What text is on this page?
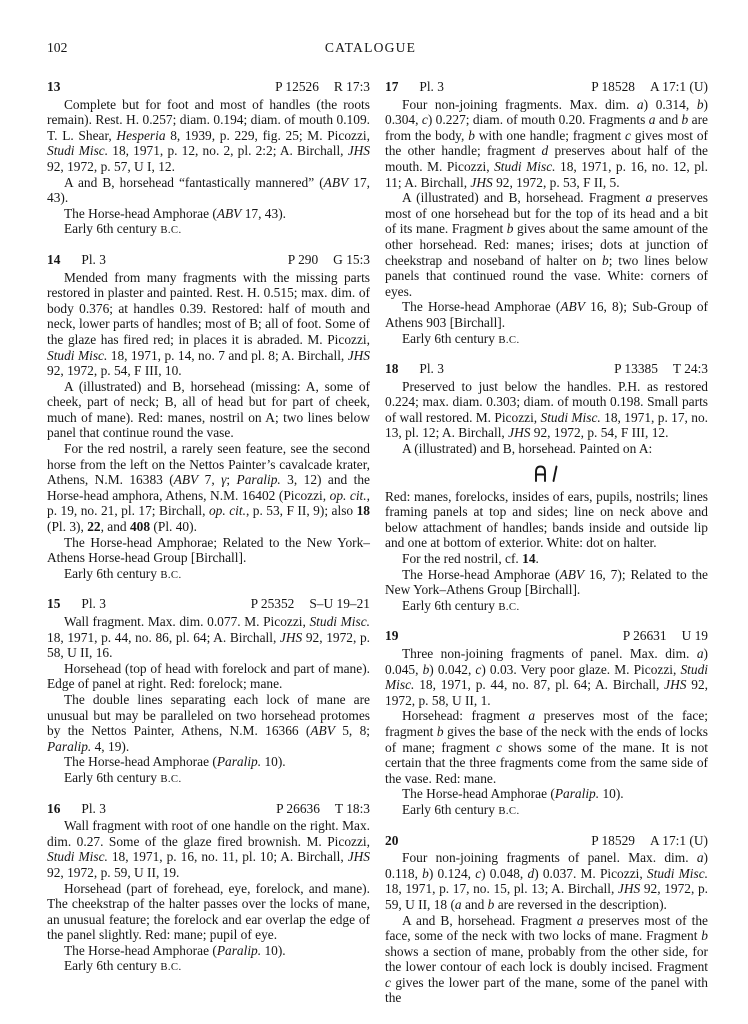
102	CATALOGUE
13	P 12526 R 17:3

Complete but for foot and most of handles (the roots remain). Rest. H. 0.257; diam. 0.194; diam. of mouth 0.109. T. L. Shear, Hesperia 8, 1939, p. 229, fig. 25; M. Picozzi, Studi Misc. 18, 1971, p. 12, no. 2, pl. 2:2; A. Birchall, JHS 92, 1972, p. 57, U I, 12.

A and B, horsehead “fantastically mannered” (ABV 17, 43).

The Horse-head Amphorae (ABV 17, 43).

Early 6th century B.C.

14 Pl. 3	P 290 G 15:3

Mended from many fragments with the missing parts restored in plaster and painted. Rest. H. 0.515; max. dim. of body 0.376; at handles 0.39. Restored: half of mouth and neck, lower parts of handles; most of B; all of foot. Some of the glaze has fired red; in places it is abraded. M. Picozzi, Studi Misc. 18, 1971, p. 14, no. 7 and pl. 8; A. Birchall, JHS 92, 1972, p. 54, F III, 10.

A (illustrated) and B, horsehead (missing: A, some of cheek, part of neck; B, all of head but for part of cheek, much of mane). Red: manes, nostril on A; two lines below panel that continue round the vase.

For the red nostril, a rarely seen feature, see the second horse from the left on the Nettos Painter’s cavalcade krater, Athens, N.M. 16383 (ABV 7, γ; Paralip. 3, 12) and the Horse-head amphora, Athens, N.M. 16402 (Picozzi, op. cit., p. 19, no. 21, pl. 17; Birchall, op. cit., p. 53, F II, 9); also 18 (Pl. 3), 22, and 408 (Pl. 40).

The Horse-head Amphorae; Related to the New York–Athens Horse-head Group [Birchall].

Early 6th century B.C.

15 Pl. 3	P 25352 S–U 19–21

Wall fragment. Max. dim. 0.077. M. Picozzi, Studi Misc. 18, 1971, p. 44, no. 86, pl. 64; A. Birchall, JHS 92, 1972, p. 58, U II, 16.

Horsehead (top of head with forelock and part of mane). Edge of panel at right. Red: forelock; mane.

The double lines separating each lock of mane are unusual but may be paralleled on two horsehead protomes by the Nettos Painter, Athens, N.M. 16366 (ABV 5, 8; Paralip. 4, 19).

The Horse-head Amphorae (Paralip. 10).

Early 6th century B.C.

16 Pl. 3	P 26636 T 18:3

Wall fragment with root of one handle on the right. Max. dim. 0.27. Some of the glaze fired brownish. M. Picozzi, Studi Misc. 18, 1971, p. 16, no. 11, pl. 10; A. Birchall, JHS 92, 1972, p. 59, U II, 19.

Horsehead (part of forehead, eye, forelock, and mane). The cheekstrap of the halter passes over the locks of mane, an unusual feature; the forelock and ear overlap the edge of the panel slightly. Red: mane; pupil of eye.

The Horse-head Amphorae (Paralip. 10).

Early 6th century B.C.

17 Pl. 3	P 18528 A 17:1 (U)

Four non-joining fragments. Max. dim. a) 0.314, b) 0.304, c) 0.227; diam. of mouth 0.20. Fragments a and b are from the body, b with one handle; fragment c gives most of the other handle; fragment d preserves about half of the mouth. M. Picozzi, Studi Misc. 18, 1971, p. 16, no. 12, pl. 11; A. Birchall, JHS 92, 1972, p. 53, F II, 5.

A (illustrated) and B, horsehead. Fragment a preserves most of one horsehead but for the top of its head and a bit of its mane. Fragment b gives about the same amount of the other horsehead. Red: manes; irises; dots at junction of cheekstrap and noseband of halter on b; two lines below panels that continued round the vase. White: corners of eyes.

The Horse-head Amphorae (ABV 16, 8); Sub-Group of Athens 903 [Birchall].

Early 6th century B.C.

18 Pl. 3	P 13385 T 24:3

Preserved to just below the handles. P.H. as restored 0.224; max. diam. 0.303; diam. of mouth 0.198. Small parts of wall restored. M. Picozzi, Studi Misc. 18, 1971, p. 17, no. 13, pl. 12; A. Birchall, JHS 92, 1972, p. 54, F III, 12.

A (illustrated) and B, horsehead. Painted on A:

Red: manes, forelocks, insides of ears, pupils, nostrils; lines framing panels at top and sides; line on neck above and below attachment of handles; bands inside and outside lip and one at bottom of exterior. White: dot on halter.

For the red nostril, cf. 14.

The Horse-head Amphorae (ABV 16, 7); Related to the New York–Athens Group [Birchall].

Early 6th century B.C.

19	P 26631 U 19

Three non-joining fragments of panel. Max. dim. a) 0.045, b) 0.042, c) 0.03. Very poor glaze. M. Picozzi, Studi Misc. 18, 1971, p. 44, no. 87, pl. 64; A. Birchall, JHS 92, 1972, p. 58, U II, 1.

Horsehead: fragment a preserves most of the face; fragment b gives the base of the neck with the ends of locks of mane; fragment c shows some of the mane. It is not certain that the three fragments come from the same side of the vase. Red: mane.

The Horse-head Amphorae (Paralip. 10).

Early 6th century B.C.

20	P 18529 A 17:1 (U)

Four non-joining fragments of panel. Max. dim. a) 0.118, b) 0.124, c) 0.048, d) 0.037. M. Picozzi, Studi Misc. 18, 1971, p. 17, no. 15, pl. 13; A. Birchall, JHS 92, 1972, p. 59, U II, 18 (a and b are reversed in the description).

A and B, horsehead. Fragment a preserves most of the face, some of the neck with two locks of mane. Fragment b shows a section of mane, probably from the other side, for the lower contour of each lock is doubly incised. Fragment c gives the lower part of the mane, some of the panel with the
